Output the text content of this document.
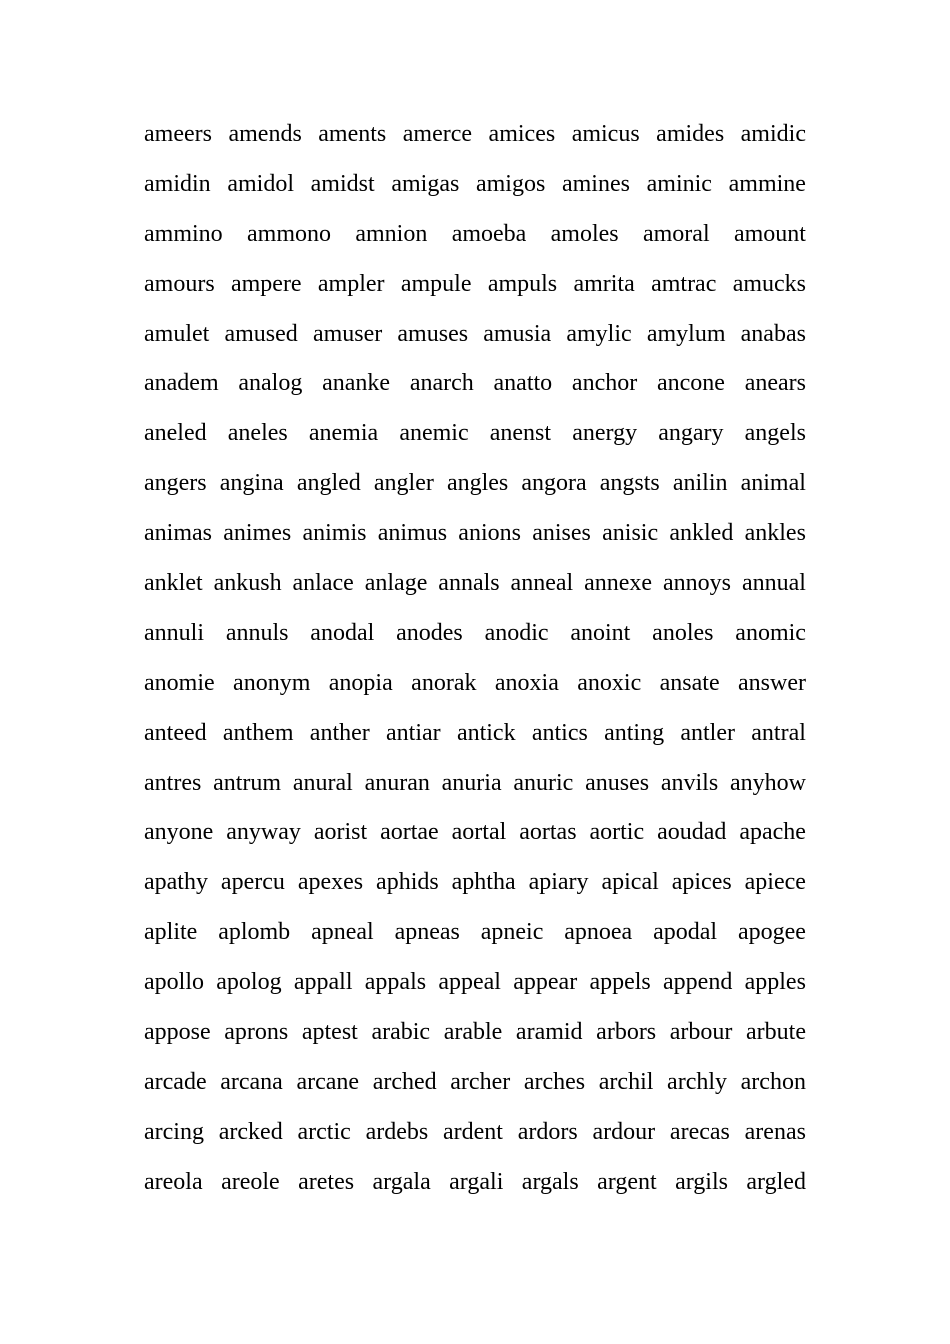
ameers amends aments amerce amices amicus amides amidic
amidin amidol amidst amigas amigos amines aminic ammine
ammino ammono amnion amoeba amoles amoral amount
amours ampere ampler ampule ampuls amrita amtrac amucks
amulet amused amuser amuses amusia amylic amylum anabas
anadem analog ananke anarch anatto anchor ancone anears
aneled aneles anemia anemic anenst anergy angary angels
angers angina angled angler angles angora angsts anilin animal
animas animes animis animus anions anises anisic ankled ankles
anklet ankush anlace anlage annals anneal annexe annoys annual
annuli annuls anodal anodes anodic anoint anoles anomic
anomie anonym anopia anorak anoxia anoxic ansate answer
anteed anthem anther antiar antick antics anting antler antral
antres antrum anural anuran anuria anuric anuses anvils anyhow
anyone anyway aorist aortae aortal aortas aortic aoudad apache
apathy apercu apexes aphids aphtha apiary apical apices apiece
aplite aplomb apneal apneas apneic apnoea apodal apogee
apollo apolog appall appals appeal appear appels append apples
appose aprons aptest arabic arable aramid arbors arbour arbute
arcade arcana arcane arched archer arches archil archly archon
arcing arcked arctic ardebs ardent ardors ardour arecas arenas
areola areole aretes argala argali argals argent argils argled
